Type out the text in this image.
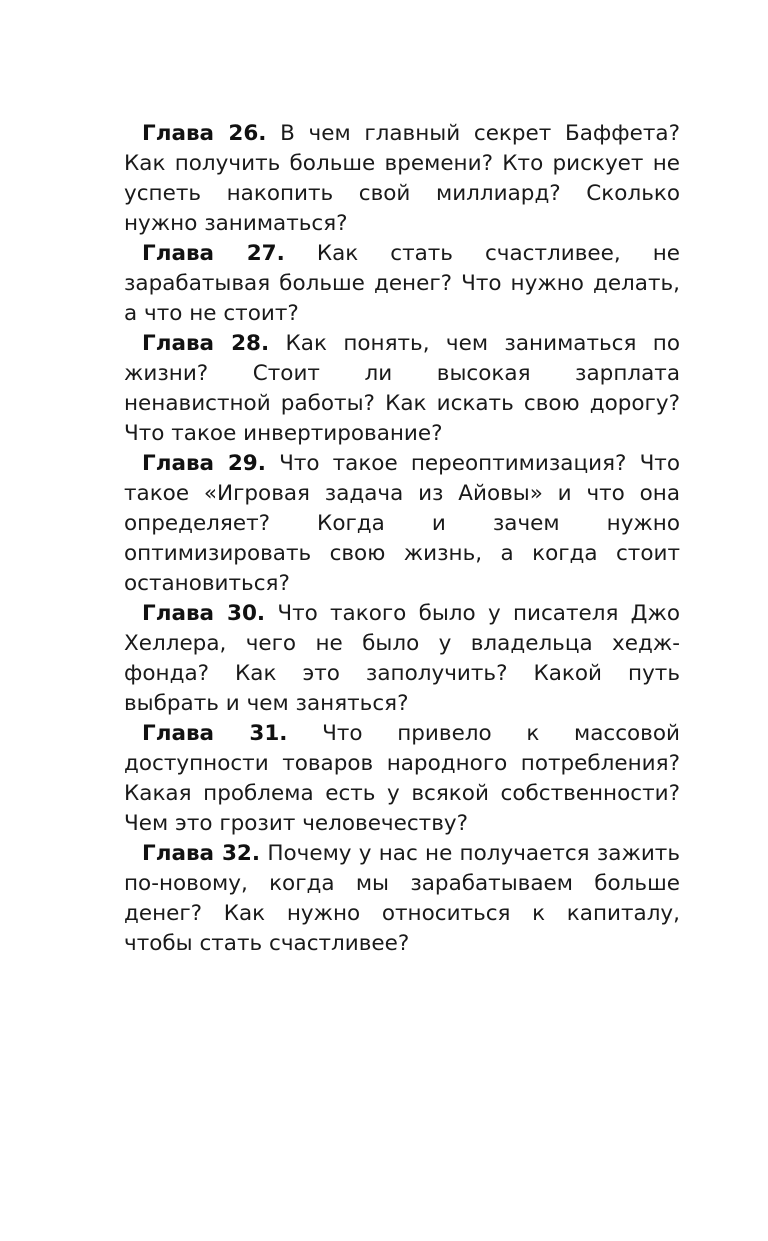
Глава 26. В чем главный секрет Баффета? Как получить больше времени? Кто рискует не успеть накопить свой миллиард? Сколько нужно заниматься?

Глава 27. Как стать счастливее, не зарабатывая больше денег? Что нужно делать, а что не стоит?

Глава 28. Как понять, чем заниматься по жизни? Стоит ли высокая зарплата ненавистной работы? Как искать свою дорогу? Что такое инвертирование?

Глава 29. Что такое переоптимизация? Что такое «Игровая задача из Айовы» и что она определяет? Когда и зачем нужно оптимизировать свою жизнь, а когда стоит остановиться?

Глава 30. Что такого было у писателя Джо Хеллера, чего не было у владельца хедж-фонда? Как это заполучить? Какой путь выбрать и чем заняться?

Глава 31. Что привело к массовой доступности товаров народного потребления? Какая проблема есть у всякой собственности? Чем это грозит человечеству?

Глава 32. Почему у нас не получается зажить по-новому, когда мы зарабатываем больше денег? Как нужно относиться к капиталу, чтобы стать счастливее?
